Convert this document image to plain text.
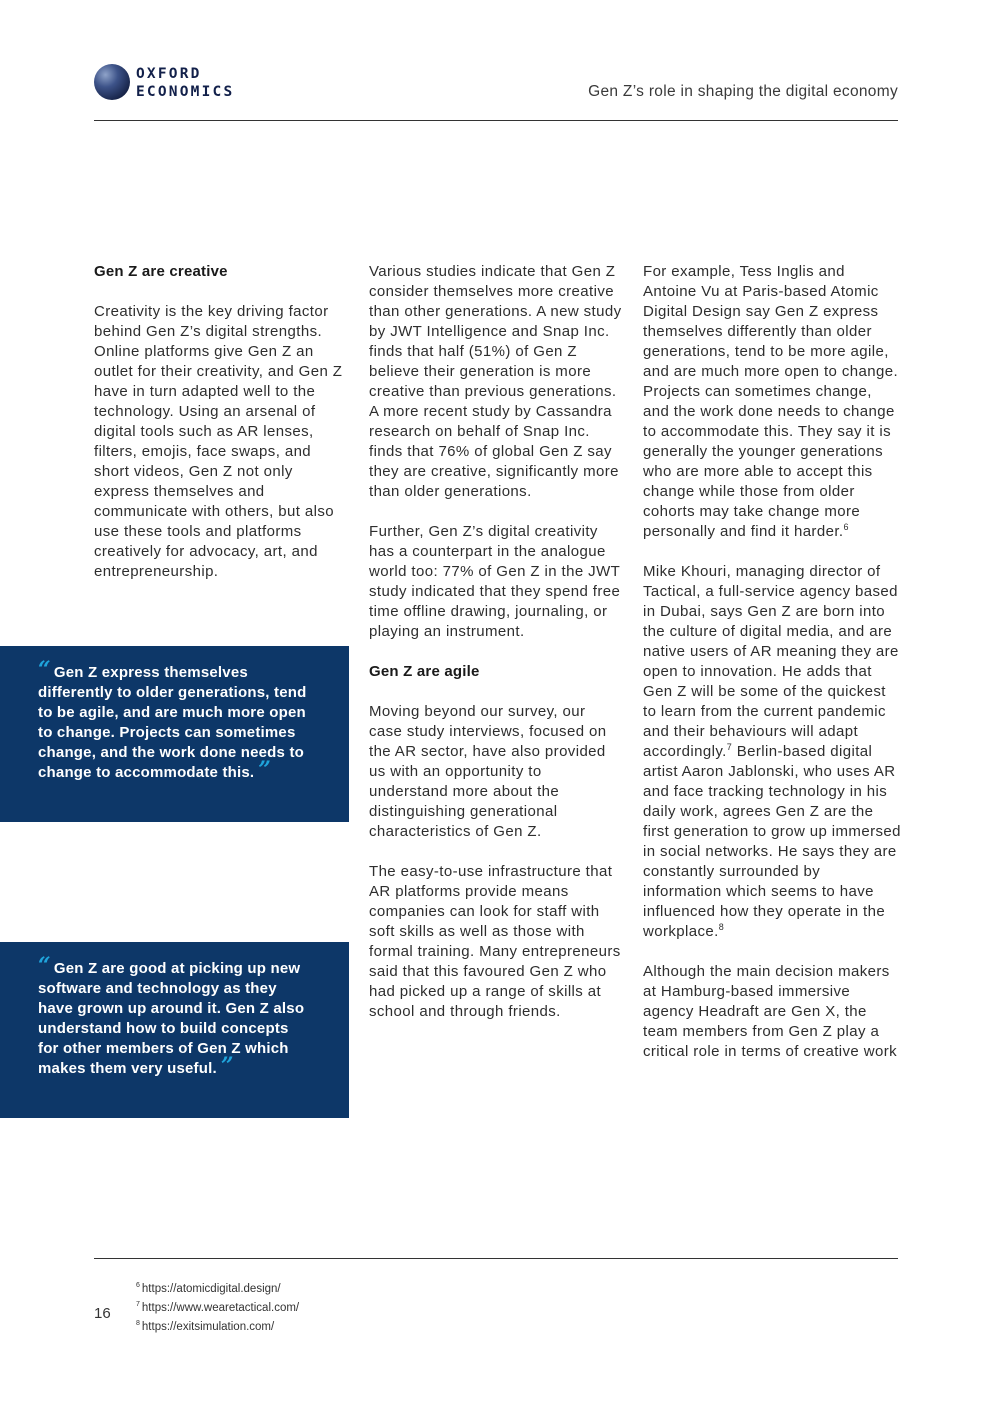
OXFORD
ECONOMICS	Gen Z’s role in shaping the digital economy
Gen Z are creative

Creativity is the key driving factor behind Gen Z’s digital strengths. Online platforms give Gen Z an outlet for their creativity, and Gen Z have in turn adapted well to the technology. Using an arsenal of digital tools such as AR lenses, filters, emojis, face swaps, and short videos, Gen Z not only express themselves and communicate with others, but also use these tools and platforms creatively for advocacy, art, and entrepreneurship.

“ Gen Z express themselves differently to older generations, tend to be agile, and are much more open to change. Projects can sometimes change, and the work done needs to change to accommodate this. ”
“ Gen Z are good at picking up new software and technology as they have grown up around it. Gen Z also understand how to build concepts for other members of Gen Z which makes them very useful. ”

Various studies indicate that Gen Z consider themselves more creative than other generations. A new study by JWT Intelligence and Snap Inc. finds that half (51%) of Gen Z believe their generation is more creative than previous generations. A more recent study by Cassandra research on behalf of Snap Inc. finds that 76% of global Gen Z say they are creative, significantly more than older generations.

Further, Gen Z’s digital creativity has a counterpart in the analogue world too: 77% of Gen Z in the JWT study indicated that they spend free time offline drawing, journaling, or playing an instrument.

Gen Z are agile

Moving beyond our survey, our case study interviews, focused on the AR sector, have also provided us with an opportunity to understand more about the distinguishing generational characteristics of Gen Z.

The easy-to-use infrastructure that AR platforms provide means companies can look for staff with soft skills as well as those with formal training. Many entrepreneurs said that this favoured Gen Z who had picked up a range of skills at school and through friends.

For example, Tess Inglis and Antoine Vu at Paris-based Atomic Digital Design say Gen Z express themselves differently than older generations, tend to be more agile, and are much more open to change. Projects can sometimes change, and the work done needs to change to accommodate this. They say it is generally the younger generations who are more able to accept this change while those from older cohorts may take change more personally and find it harder.$^6$

Mike Khouri, managing director of Tactical, a full-service agency based in Dubai, says Gen Z are born into the culture of digital media, and are native users of AR meaning they are open to innovation. He adds that Gen Z will be some of the quickest to learn from the current pandemic and their behaviours will adapt accordingly.$^7$ Berlin-based digital artist Aaron Jablonski, who uses AR and face tracking technology in his daily work, agrees Gen Z are the first generation to grow up immersed in social networks. He says they are constantly surrounded by information which seems to have influenced how they operate in the workplace.$^8$

Although the main decision makers at Hamburg-based immersive agency Headraft are Gen X, the team members from Gen Z play a critical role in terms of creative work

16
$^6$ https://atomicdigital.design/
$^7$ https://www.wearetactical.com/
$^8$ https://exitsimulation.com/
